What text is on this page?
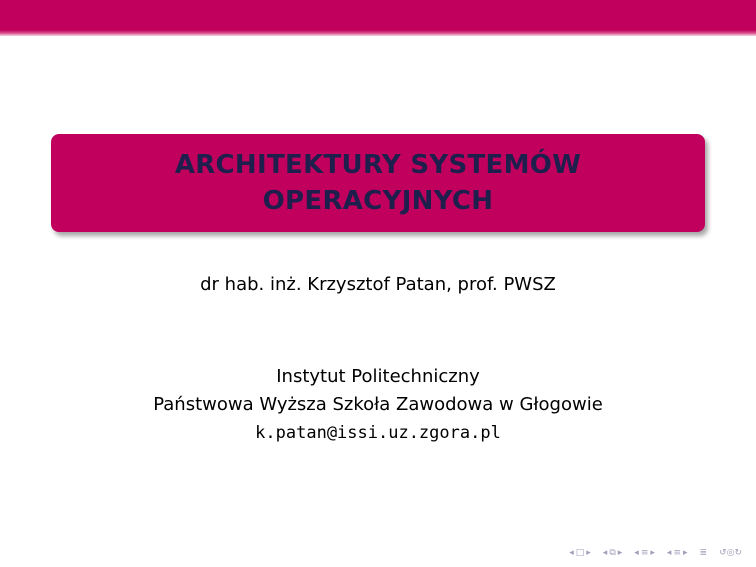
ARCHITEKTURY SYSTEMÓW
OPERACYJNYCH
dr hab. inż. Krzysztof Patan, prof. PWSZ
Instytut Politechniczny
Państwowa Wyższa Szkoła Zawodowa w Głogowie
k.patan@issi.uz.zgora.pl
◂ □ ▸ ◂ ⧉ ▸ ◂ ≡ ▸ ◂ ≡ ▸ ≣ ↺◎↻
